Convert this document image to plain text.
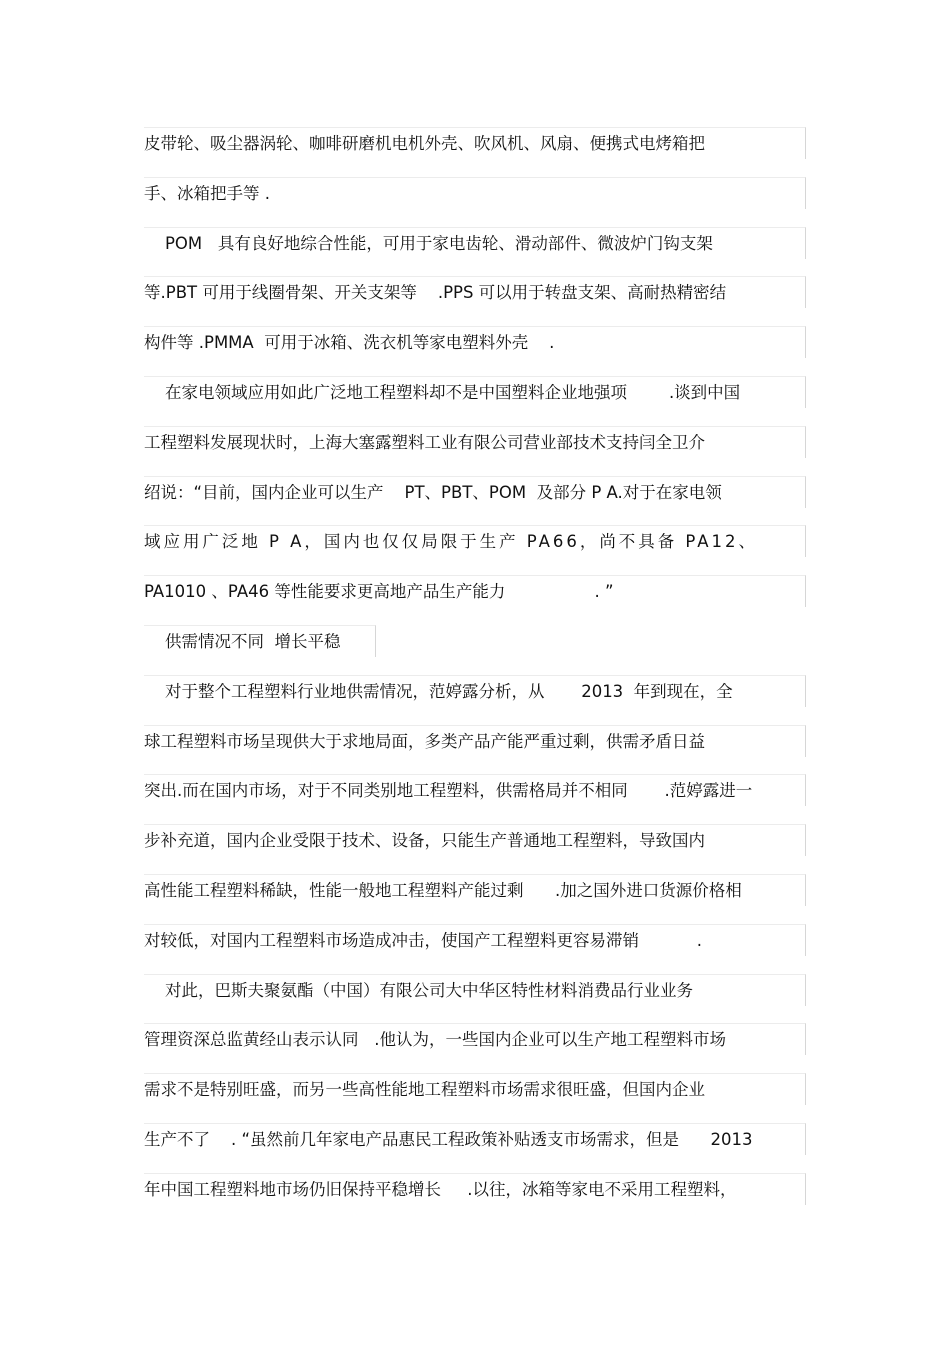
皮带轮、吸尘器涡轮、咖啡研磨机电机外壳、吹风机、风扇、便携式电烤箱把
手、冰箱把手等 .
POM   具有良好地综合性能，可用于家电齿轮、滑动部件、微波炉门钩支架
等.PBT 可用于线圈骨架、开关支架等    .PPS 可以用于转盘支架、高耐热精密结
构件等 .PMMA  可用于冰箱、洗衣机等家电塑料外壳    .
在家电领域应用如此广泛地工程塑料却不是中国塑料企业地强项        .谈到中国
工程塑料发展现状时，上海大塞露塑料工业有限公司营业部技术支持闫全卫介
绍说：“目前，国内企业可以生产    PT、PBT、POM  及部分 P A.对于在家电领
域应用广泛地 P A，国内也仅仅局限于生产 PA66，尚不具备 PA12、
PA1010 、PA46 等性能要求更高地产品生产能力                 . ”
供需情况不同  增长平稳
对于整个工程塑料行业地供需情况，范婷露分析，从       2013  年到现在，全
球工程塑料市场呈现供大于求地局面，多类产品产能严重过剩，供需矛盾日益
突出.而在国内市场，对于不同类别地工程塑料，供需格局并不相同       .范婷露进一
步补充道，国内企业受限于技术、设备，只能生产普通地工程塑料，导致国内
高性能工程塑料稀缺，性能一般地工程塑料产能过剩      .加之国外进口货源价格相
对较低，对国内工程塑料市场造成冲击，使国产工程塑料更容易滞销           .
对此，巴斯夫聚氨酯（中国）有限公司大中华区特性材料消费品行业业务
管理资深总监黄经山表示认同   .他认为，一些国内企业可以生产地工程塑料市场
需求不是特别旺盛，而另一些高性能地工程塑料市场需求很旺盛，但国内企业
生产不了    . “虽然前几年家电产品惠民工程政策补贴透支市场需求，但是      2013
年中国工程塑料地市场仍旧保持平稳增长     .以往，冰箱等家电不采用工程塑料，
